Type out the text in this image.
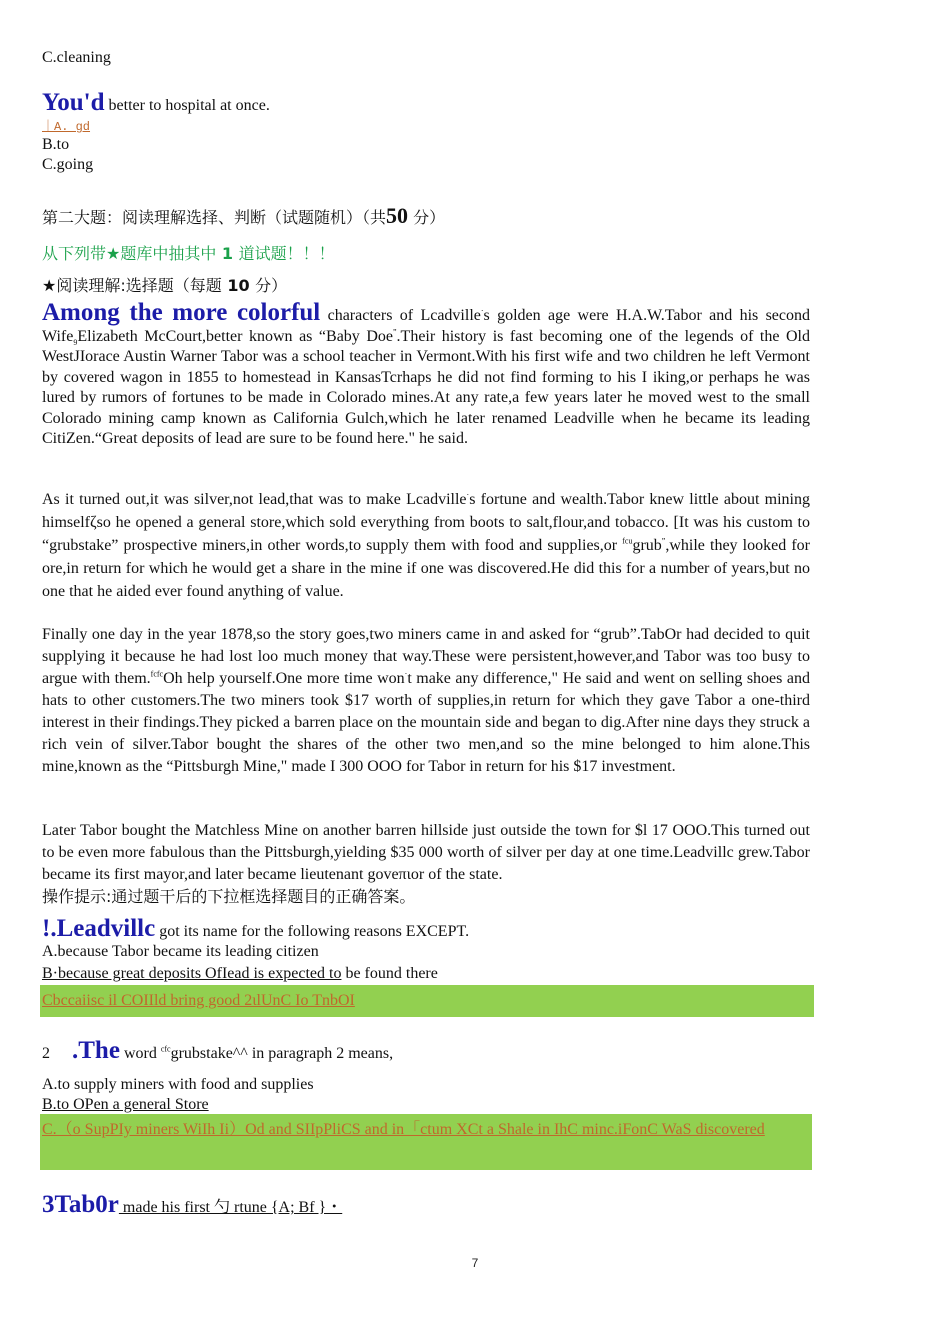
C.cleaning
You'd better to hospital at once.
｜A. gd
B.to
C.going
第二大题：阅读理解选择、判断（试题随机）（共50 分）
从下列带★题库中抽其中 1 道试题！！！
★阅读理解:选择题（每题 10 分）
Among the more colorful characters of Lcadville·s golden age were H.A.W.Tabor and his second Wife$_9$Elizabeth McCourt,better known as “Baby Doe”.Their history is fast becoming one of the legends of the Old WestJIorace Austin Warner Tabor was a school teacher in Vermont.With his first wife and two children he left Vermont by covered wagon in 1855 to homestead in KansasTcrhaps he did not find forming to his I iking,or perhaps he was lured by rumors of fortunes to be made in Colorado mines.At any rate,a few years later he moved west to the small Colorado mining camp known as California Gulch,which he later renamed Leadville when he became its leading CitiZen.“Great deposits of lead are sure to be found here." he said.
As it turned out,it was silver,not lead,that was to make Lcadville·s fortune and wealth.Tabor knew little about mining himselfζso he opened a general store,which sold everything from boots to salt,flour,and tobacco. [It was his custom to “grubstake” prospective miners,in other words,to supply them with food and supplies,or $^{fcu}$grub”,while they looked for ore,in return for which he would get a share in the mine if one was discovered.He did this for a number of years,but no one that he aided ever found anything of value.
Finally one day in the year 1878,so the story goes,two miners came in and asked for “grub”.TabOr had decided to quit supplying it because he had lost loo much money that way.These were persistent,however,and Tabor was too busy to argue with them.$^{fcfc}$Oh help yourself.One more time won·t make any difference," He said and went on selling shoes and hats to other cιιstomers.The two miners took $17 worth of supplies,in return for which they gave Tabor a one-third interest in their findings.They picked a barren place on the mountain side and began to dig.After nine days they struck a rich vein of silver.Tabor bought the shares of the other two men,and so the mine belonged to him alone.This mine,known as the “Pittsburgh Mine," made I 300 OOO for Tabor in return for his $17 investment.
Later Tabor bought the Matchless Mine on another barren hillside just outside the town for $l 17 OOO.This turned out to be even more fabulous than the Pittsburgh,yielding $35 000 worth of silver per day at one time.Leadvillc grew.Tabor became its first mayor,and later became lieutenant goveπιor of the state.
操作提示:通过题干后的下拉框选择题目的正确答案。
!.Leadvillc got its name for the following reasons EXCEPT.
A.because Tabor became its leading citizen
B·because great deposits OfIead is expected to be found there
Cbccaiisc il COIIld bring good 2ιlUnC Io TnbOI
2 .The word $^{cfc}$grubstake^^ in paragraph 2 means,
A.to supply miners with food and supplies
B.to OPen a general Store
C.（o SupPIy miners WiIh Ii）Od and SIIpPliCS and in「ctum XCt a Shale in IhC minc.iFonC WaS discovered
3Tab0r made his first 勺 rtune {A; Bf }・
7
